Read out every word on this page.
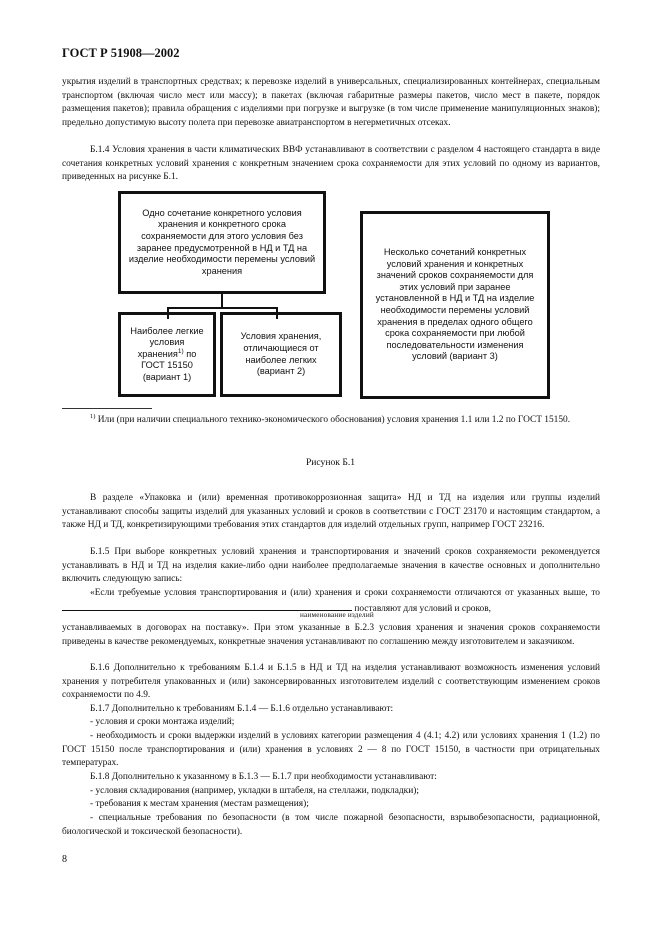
ГОСТ Р 51908—2002

укрытия изделий в транспортных средствах; к перевозке изделий в универсальных, специализированных контейнерах, специальным транспортом (включая число мест или массу); в пакетах (включая габаритные размеры пакетов, число мест в пакете, порядок размещения пакетов); правила обращения с изделиями при погрузке и выгрузке (в том числе применение манипуляционных знаков); предельно допустимую высоту полета при перевозке авиатранспортом в негерметичных отсеках.

Б.1.4 Условия хранения в части климатических ВВФ устанавливают в соответствии с разделом 4 настоящего стандарта в виде сочетания конкретных условий хранения с конкретным значением срока сохраняемости для этих условий по одному из вариантов, приведенных на рисунке Б.1.

Одно сочетание конкретного условия хранения и конкретного срока сохраняемости для этого условия без заранее предусмотренной в НД и ТД на изделие необходимости перемены условий хранения
Наиболее легкие условия хранения$^{1)}$ по ГОСТ 15150 (вариант 1)
Условия хранения, отличающиеся от наиболее легких (вариант 2)
Несколько сочетаний конкретных условий хранения и конкретных значений сроков сохраняемости для этих условий при заранее установленной в НД и ТД на изделие необходимости перемены условий хранения в пределах одного общего срока сохраняемости при любой последовательности изменения условий (вариант 3)

$^{1)}$ Или (при наличии специального технико-экономического обоснования) условия хранения 1.1 или 1.2 по ГОСТ 15150.

Рисунок Б.1

В разделе «Упаковка и (или) временная противокоррозионная защита» НД и ТД на изделия или группы изделий устанавливают способы защиты изделий для указанных условий и сроков в соответствии с ГОСТ 23170 и настоящим стандартом, а также НД и ТД, конкретизирующими требования этих стандартов для изделий отдельных групп, например ГОСТ 23216.

Б.1.5 При выборе конкретных условий хранения и транспортирования и значений сроков сохраняемости рекомендуется устанавливать в НД и ТД на изделия какие-либо одни наиболее предполагаемые значения в качестве основных и дополнительно включить следующую запись:

«Если требуемые условия транспортирования и (или) хранения и сроки сохраняемости отличаются от указанных выше, то  поставляют для условий и сроков,

наименование изделий

устанавливаемых в договорах на поставку». При этом указанные в Б.2.3 условия хранения и значения сроков сохраняемости приведены в качестве рекомендуемых, конкретные значения устанавливают по соглашению между изготовителем и заказчиком.

Б.1.6 Дополнительно к требованиям Б.1.4 и Б.1.5 в НД и ТД на изделия устанавливают возможность изменения условий хранения у потребителя упакованных и (или) законсервированных изготовителем изделий с соответствующим изменением сроков сохраняемости по 4.9.

Б.1.7 Дополнительно к требованиям Б.1.4 — Б.1.6 отдельно устанавливают:

- условия и сроки монтажа изделий;

- необходимость и сроки выдержки изделий в условиях категории размещения 4 (4.1; 4.2) или условиях хранения 1 (1.2) по ГОСТ 15150 после транспортирования и (или) хранения в условиях 2 — 8 по ГОСТ 15150, в частности при отрицательных температурах.

Б.1.8 Дополнительно к указанному в Б.1.3 — Б.1.7 при необходимости устанавливают:

- условия складирования (например, укладки в штабеля, на стеллажи, подкладки);

- требования к местам хранения (местам размещения);

- специальные требования по безопасности (в том числе пожарной безопасности, взрывобезопасности, радиационной, биологической и токсической безопасности).

8
